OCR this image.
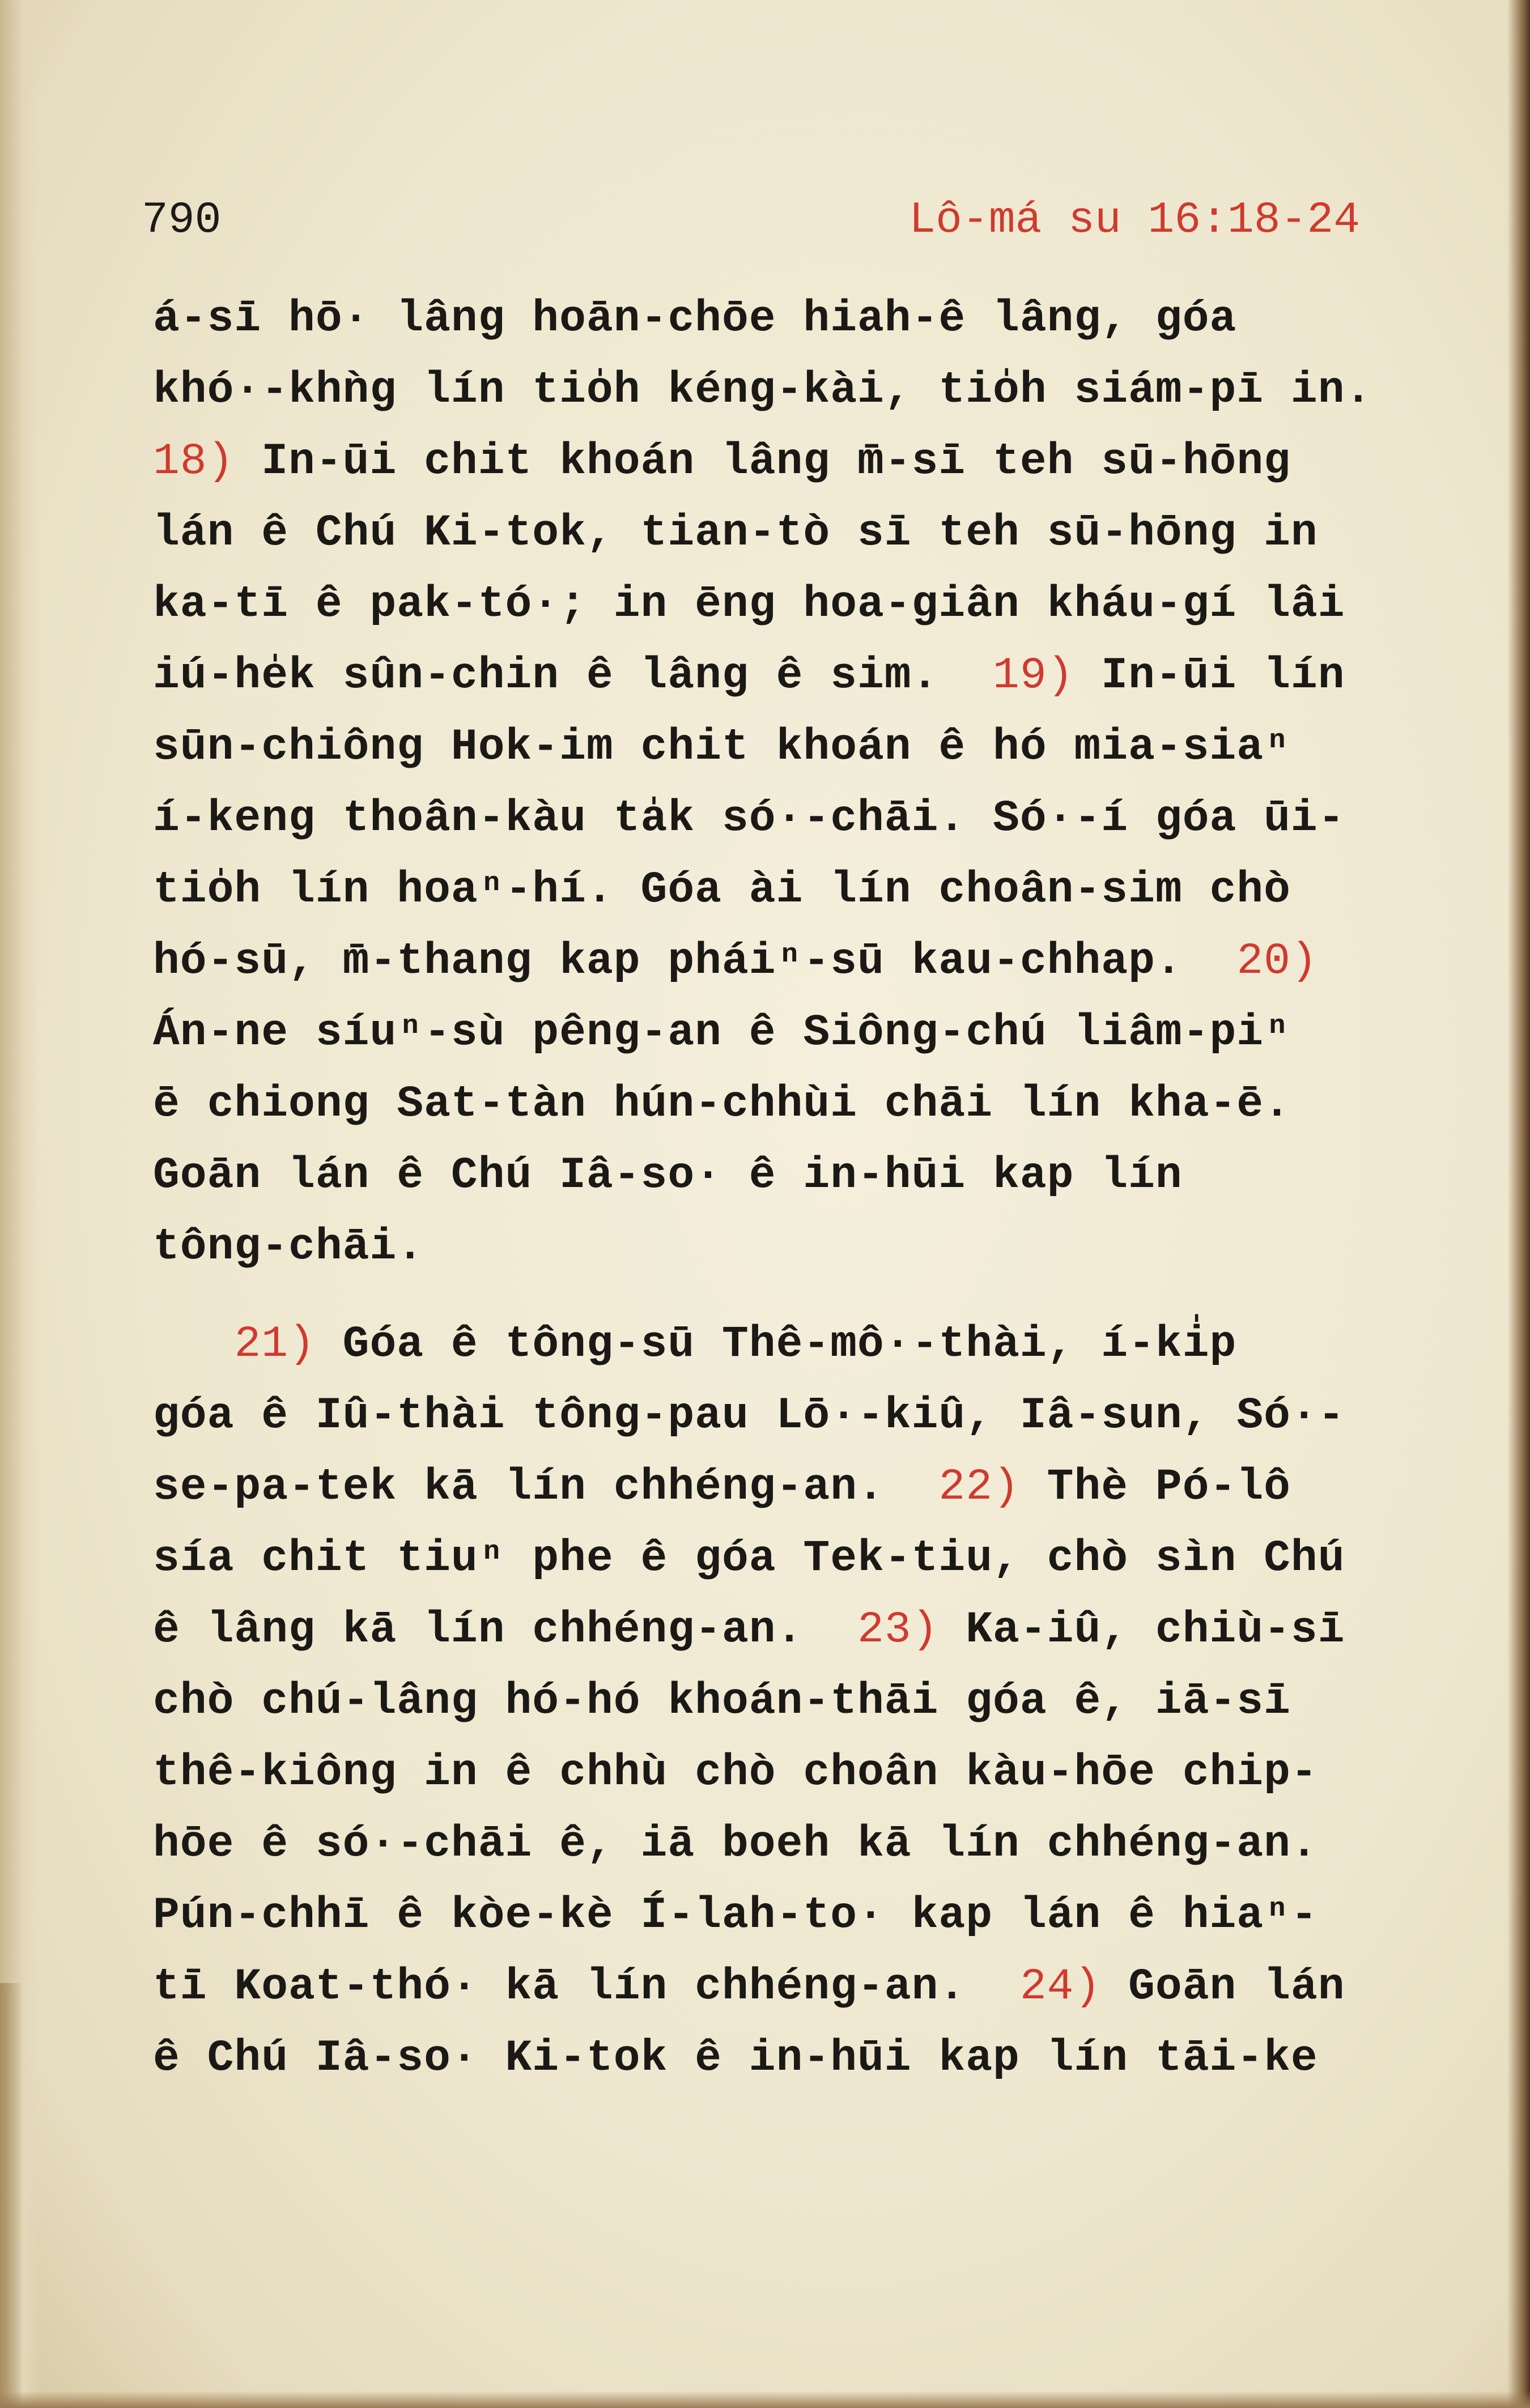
790	Lô-má su 16:18-24
á-sī hō· lâng hoān-chōe hiah-ê lâng, góa
khó·-khǹg lín tio̍h kéng-kài, tio̍h siám-pī in.
18) In-ūi chit khoán lâng m̄-sī teh sū-hōng
lán ê Chú Ki-tok, tian-tò sī teh sū-hōng in
ka-tī ê pak-tó·; in ēng hoa-giân kháu-gí lâi
iú-he̍k sûn-chin ê lâng ê sim.  19) In-ūi lín
sūn-chiông Hok-im chit khoán ê hó mia-siaⁿ
í-keng thoân-kàu ta̍k só·-chāi. Só·-í góa ūi-
tio̍h lín hoaⁿ-hí. Góa ài lín choân-sim chò
hó-sū, m̄-thang kap pháiⁿ-sū kau-chhap.  20)
Án-ne síuⁿ-sù pêng-an ê Siông-chú liâm-piⁿ
ē chiong Sat-tàn hún-chhùi chāi lín kha-ē.
Goān lán ê Chú Iâ-so· ê in-hūi kap lín
tông-chāi.
21) Góa ê tông-sū Thê-mô·-thài, í-ki̍p
góa ê Iû-thài tông-pau Lō·-kiû, Iâ-sun, Só·-
se-pa-tek kā lín chhéng-an.  22) Thè Pó-lô
sía chit tiuⁿ phe ê góa Tek-tiu, chò sìn Chú
ê lâng kā lín chhéng-an.  23) Ka-iû, chiù-sī
chò chú-lâng hó-hó khoán-thāi góa ê, iā-sī
thê-kiông in ê chhù chò choân kàu-hōe chip-
hōe ê só·-chāi ê, iā boeh kā lín chhéng-an.
Pún-chhī ê kòe-kè Í-lah-to· kap lán ê hiaⁿ-
tī Koat-thó· kā lín chhéng-an.  24) Goān lán
ê Chú Iâ-so· Ki-tok ê in-hūi kap lín tāi-ke
